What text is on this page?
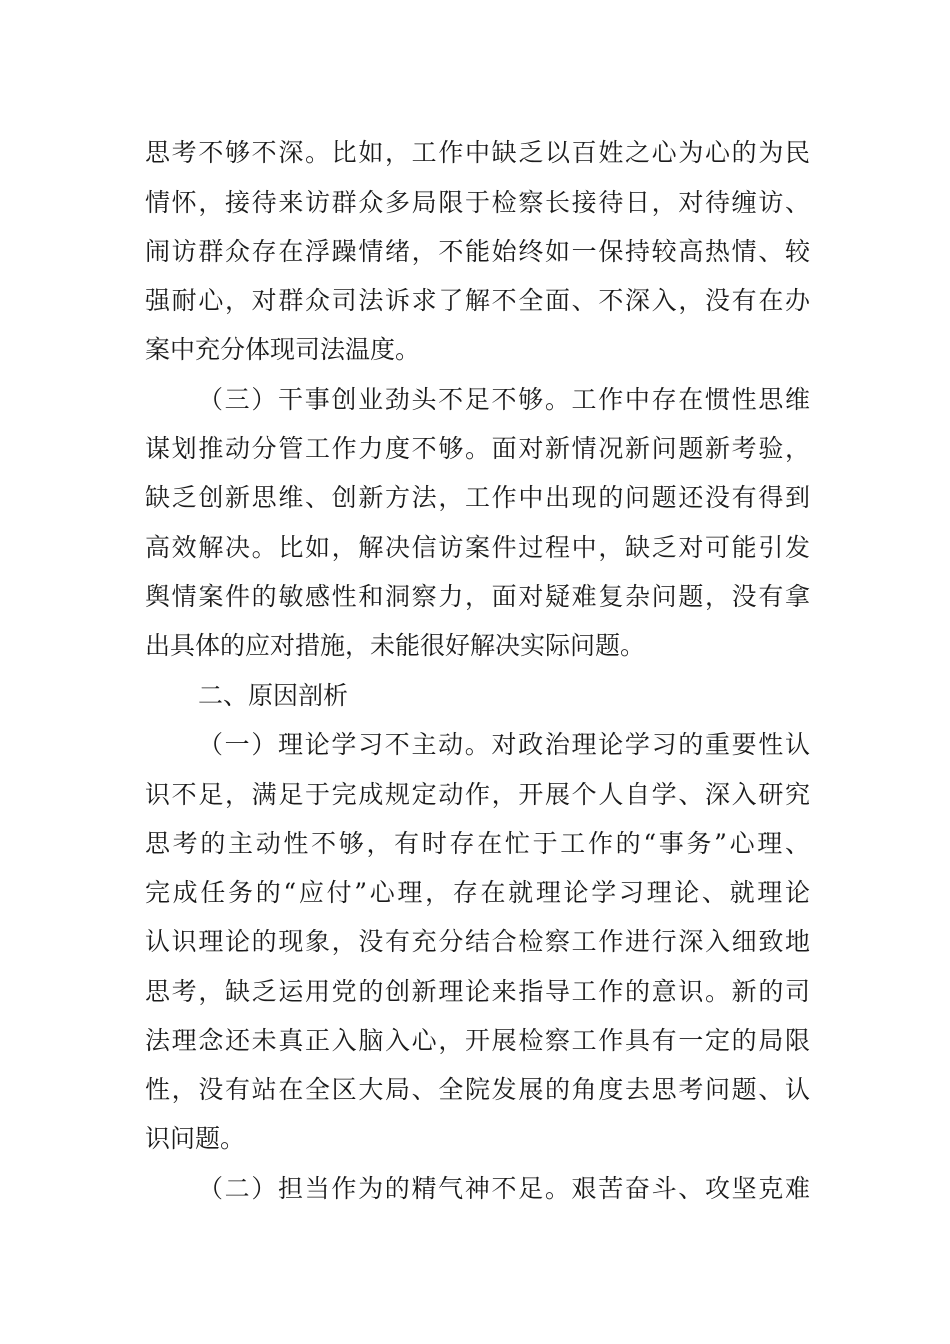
思考不够不深。比如，工作中缺乏以百姓之心为心的为民
情怀，接待来访群众多局限于检察长接待日，对待缠访、
闹访群众存在浮躁情绪，不能始终如一保持较高热情、较
强耐心，对群众司法诉求了解不全面、不深入，没有在办
案中充分体现司法温度。
（三）干事创业劲头不足不够。工作中存在惯性思维
谋划推动分管工作力度不够。面对新情况新问题新考验，
缺乏创新思维、创新方法，工作中出现的问题还没有得到
高效解决。比如，解决信访案件过程中，缺乏对可能引发
舆情案件的敏感性和洞察力，面对疑难复杂问题，没有拿
出具体的应对措施，未能很好解决实际问题。
二、原因剖析
（一）理论学习不主动。对政治理论学习的重要性认
识不足，满足于完成规定动作，开展个人自学、深入研究
思考的主动性不够，有时存在忙于工作的“事务”心理、
完成任务的“应付”心理，存在就理论学习理论、就理论
认识理论的现象，没有充分结合检察工作进行深入细致地
思考，缺乏运用党的创新理论来指导工作的意识。新的司
法理念还未真正入脑入心，开展检察工作具有一定的局限
性，没有站在全区大局、全院发展的角度去思考问题、认
识问题。
（二）担当作为的精气神不足。艰苦奋斗、攻坚克难
